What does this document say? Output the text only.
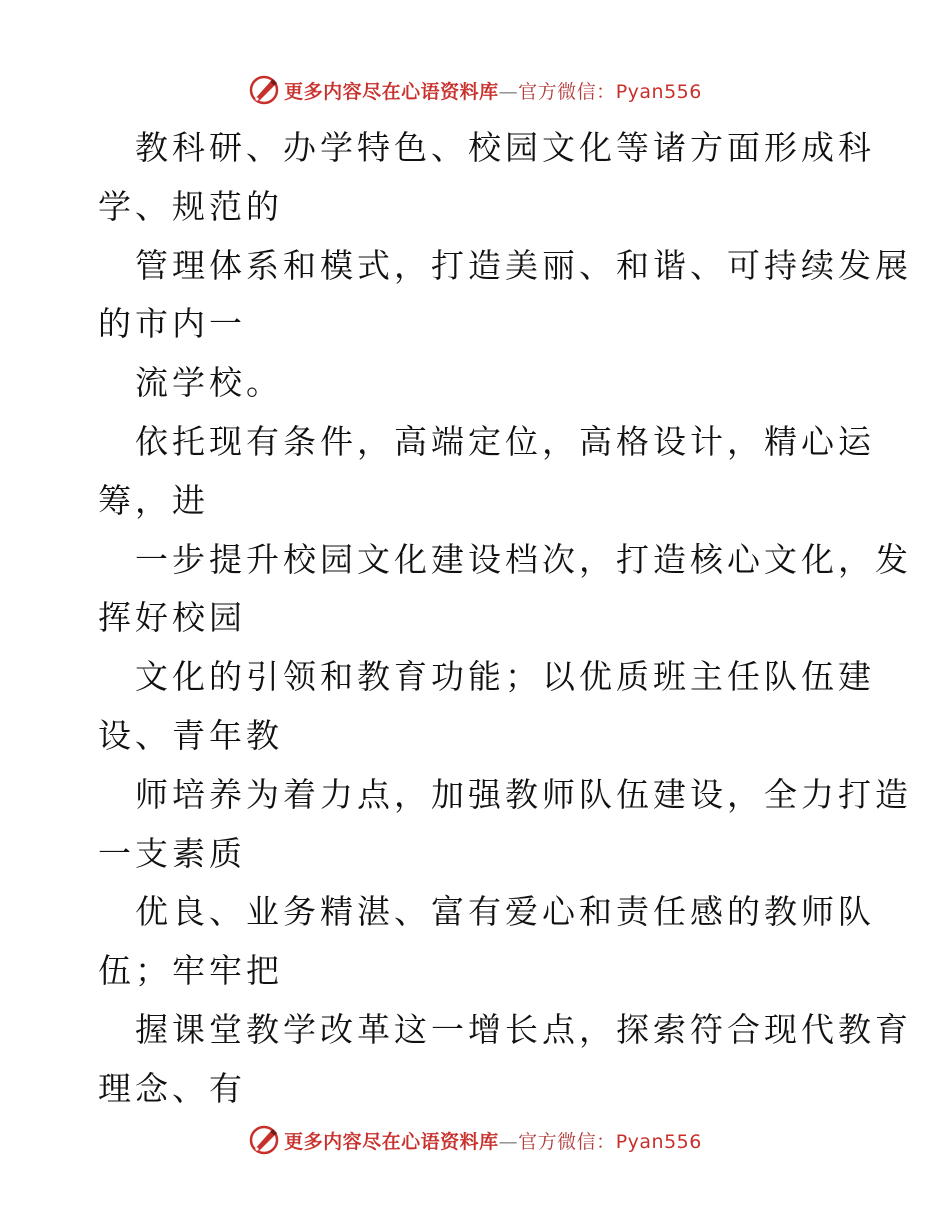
更多内容尽在心语资料库—官方微信：Pyan556
教科研、办学特色、校园文化等诸方面形成科
学、规范的
管理体系和模式，打造美丽、和谐、可持续发展
的市内一
流学校。
依托现有条件，高端定位，高格设计，精心运
筹，进
一步提升校园文化建设档次，打造核心文化，发
挥好校园
文化的引领和教育功能；以优质班主任队伍建
设、青年教
师培养为着力点，加强教师队伍建设，全力打造
一支素质
优良、业务精湛、富有爱心和责任感的教师队
伍；牢牢把
握课堂教学改革这一增长点，探索符合现代教育
理念、有
更多内容尽在心语资料库—官方微信：Pyan556
